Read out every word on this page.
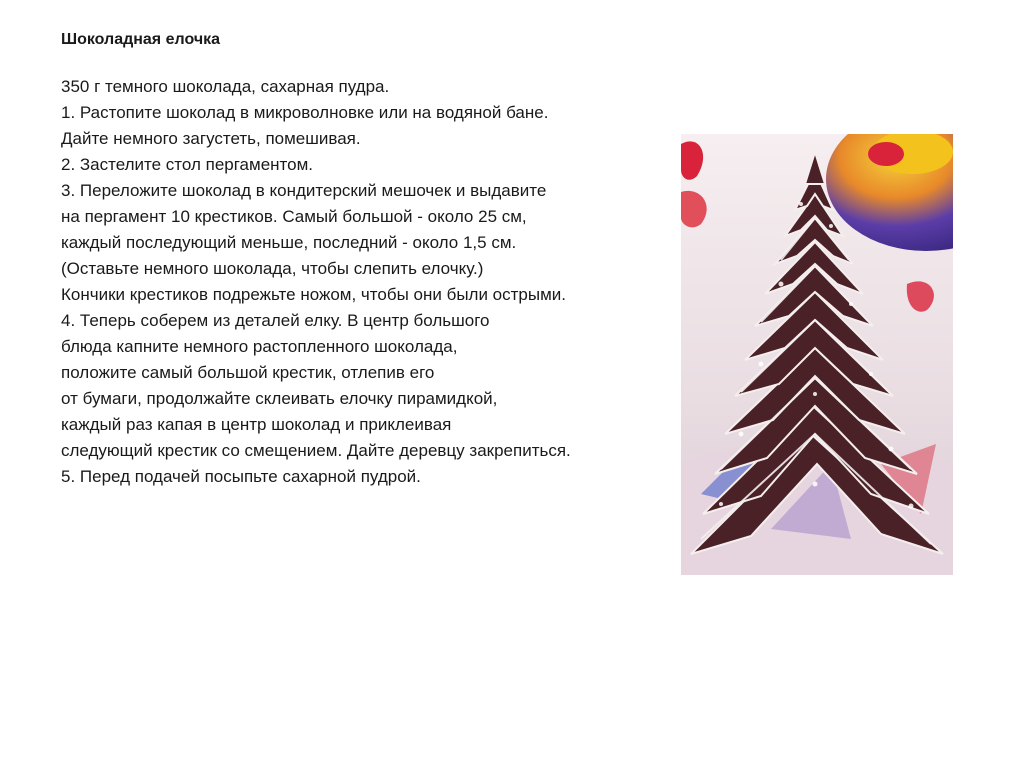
Шоколадная елочка

350 г темного шоколада, сахарная пудра.

1. Растопите шоколад в микроволновке или на водяной бане.

Дайте немного загустеть, помешивая.

2. Застелите стол пергаментом.

3. Переложите шоколад в кондитерский мешочек и выдавите

на пергамент 10 крестиков. Самый большой - около 25 см,

каждый последующий меньше, последний - около 1,5 см.

(Оставьте немного шоколада, чтобы слепить елочку.)

Кончики крестиков подрежьте ножом, чтобы они были острыми.

4. Теперь соберем из деталей елку. В центр большого

блюда капните немного растопленного шоколада,

положите самый большой крестик, отлепив его

от бумаги, продолжайте склеивать елочку пирамидкой,

каждый раз капая в центр шоколад и приклеивая

следующий крестик со смещением. Дайте деревцу закрепиться.

5. Перед подачей посыпьте сахарной пудрой.
